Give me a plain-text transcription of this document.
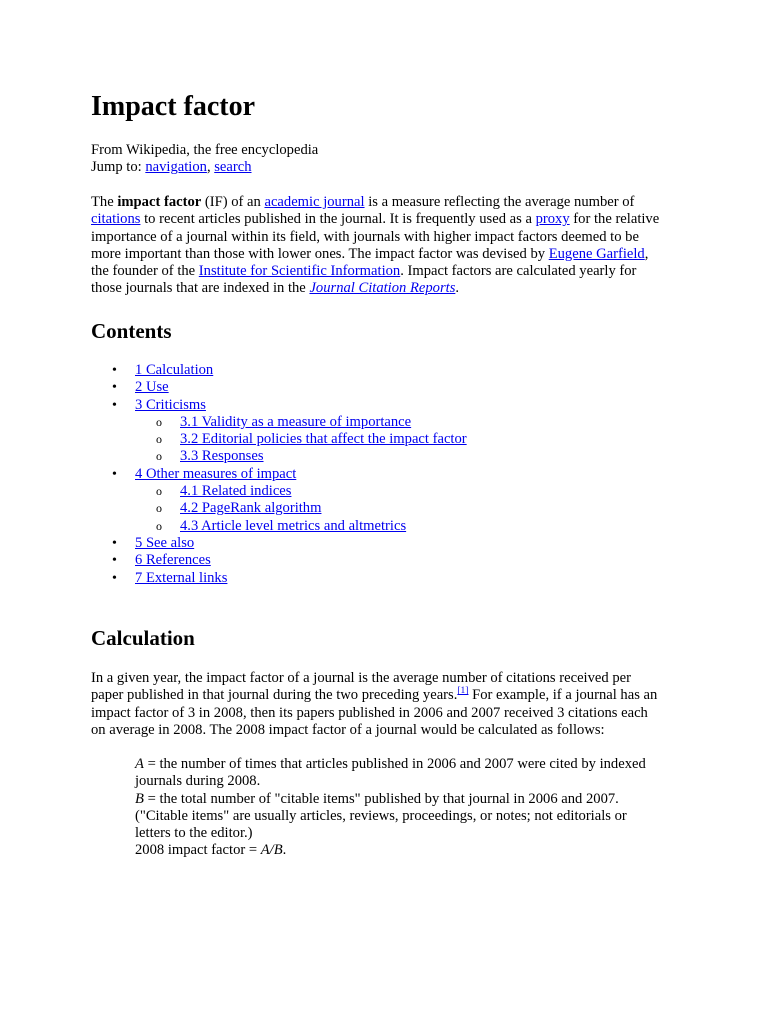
Impact factor
From Wikipedia, the free encyclopedia
Jump to: navigation, search

The impact factor (IF) of an academic journal is a measure reflecting the average number of
citations to recent articles published in the journal. It is frequently used as a proxy for the relative
importance of a journal within its field, with journals with higher impact factors deemed to be
more important than those with lower ones. The impact factor was devised by Eugene Garfield,
the founder of the Institute for Scientific Information. Impact factors are calculated yearly for
those journals that are indexed in the Journal Citation Reports.

Contents
• 1 Calculation
• 2 Use
• 3 Criticisms
o 3.1 Validity as a measure of importance
o 3.2 Editorial policies that affect the impact factor
o 3.3 Responses
• 4 Other measures of impact
o 4.1 Related indices
o 4.2 PageRank algorithm
o 4.3 Article level metrics and altmetrics
• 5 See also
• 6 References
• 7 External links
Calculation

In a given year, the impact factor of a journal is the average number of citations received per
paper published in that journal during the two preceding years.[1] For example, if a journal has an
impact factor of 3 in 2008, then its papers published in 2006 and 2007 received 3 citations each
on average in 2008. The 2008 impact factor of a journal would be calculated as follows:

A = the number of times that articles published in 2006 and 2007 were cited by indexed
journals during 2008.
B = the total number of "citable items" published by that journal in 2006 and 2007.
("Citable items" are usually articles, reviews, proceedings, or notes; not editorials or
letters to the editor.)
2008 impact factor = A/B.
